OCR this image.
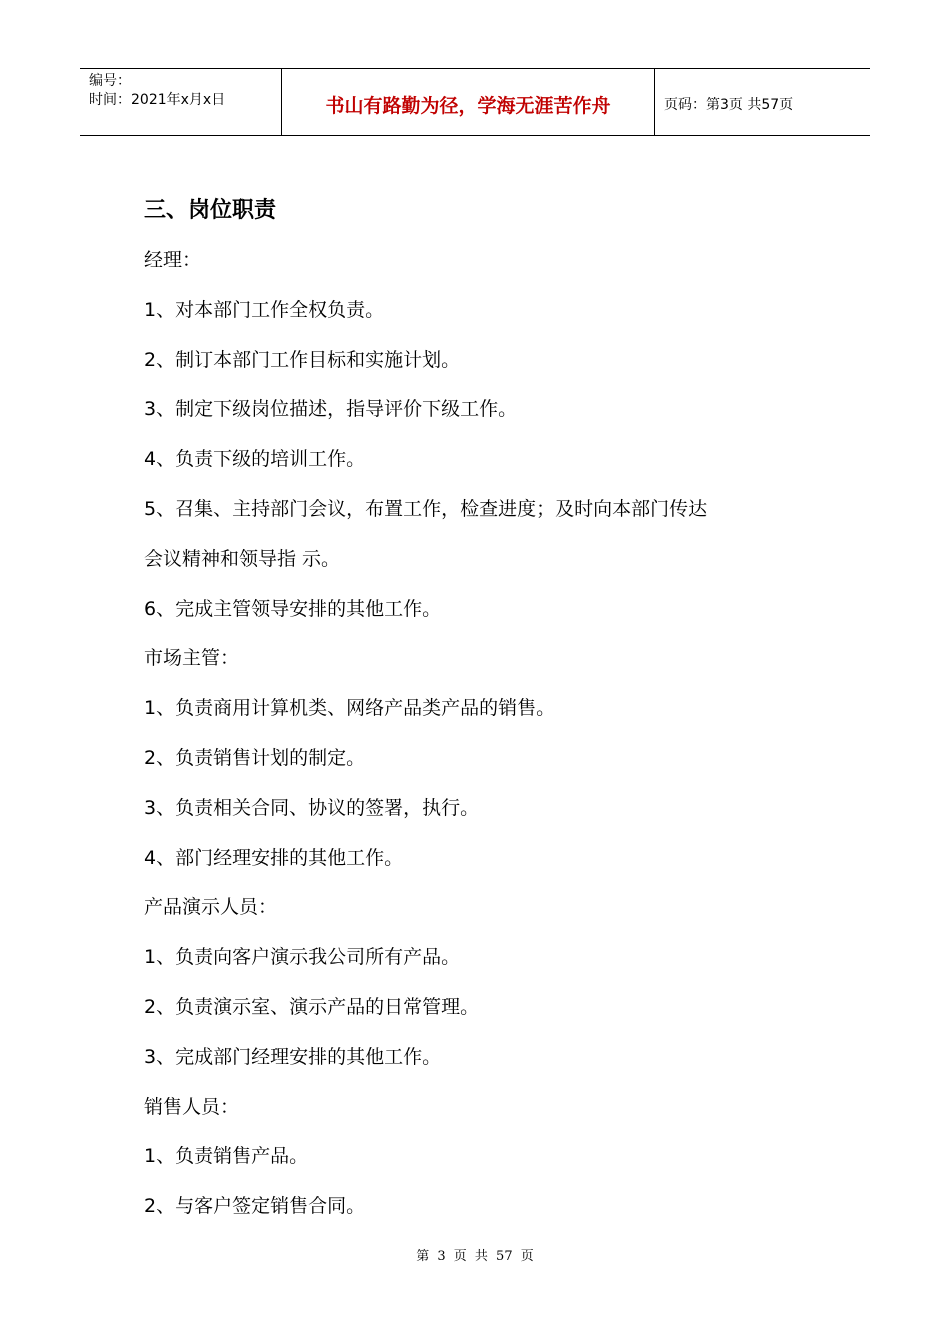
编号：
时间：2021年x月x日	书山有路勤为径，学海无涯苦作舟	页码：第3页 共57页
三、岗位职责

经理：

1、对本部门工作全权负责。

2、制订本部门工作目标和实施计划。

3、制定下级岗位描述，指导评价下级工作。

4、负责下级的培训工作。

5、召集、主持部门会议，布置工作，检查进度；及时向本部门传达

会议精神和领导指 示。

6、完成主管领导安排的其他工作。

市场主管：

1、负责商用计算机类、网络产品类产品的销售。

2、负责销售计划的制定。

3、负责相关合同、协议的签署，执行。

4、部门经理安排的其他工作。

产品演示人员：

1、负责向客户演示我公司所有产品。

2、负责演示室、演示产品的日常管理。

3、完成部门经理安排的其他工作。

销售人员：

1、负责销售产品。

2、与客户签定销售合同。

第 3 页 共 57 页
